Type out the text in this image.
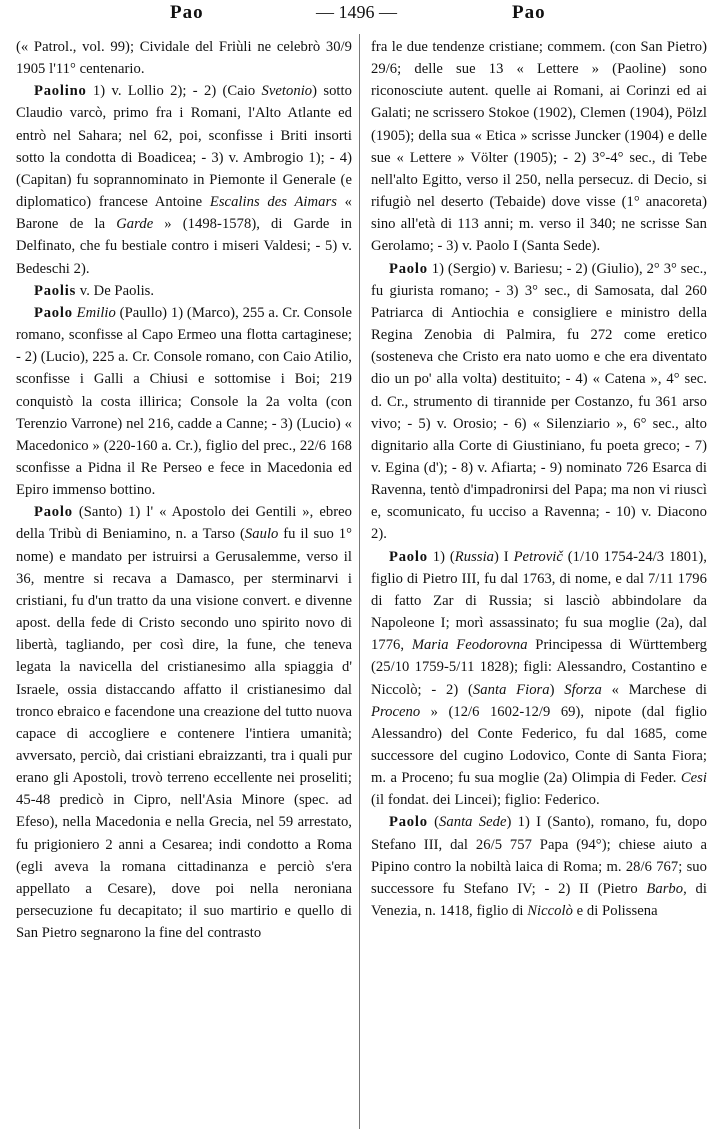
Pao	— 1496 —	Pao

(« Patrol., vol. 99); Cividale del Friùli ne celebrò 30/9 1905 l'11° centenario.

Paolino 1) v. Lollio 2); - 2) (Caio Svetonio) sotto Claudio varcò, primo fra i Romani, l'Alto Atlante ed entrò nel Sahara; nel 62, poi, sconfisse i Briti insorti sotto la condotta di Boadicea; - 3) v. Ambrogio 1); - 4) (Capitan) fu soprannominato in Piemonte il Generale (e diplomatico) francese Antoine Escalins des Aimars « Barone de la Garde » (1498-1578), di Garde in Delfinato, che fu bestiale contro i miseri Valdesi; - 5) v. Bedeschi 2).

Paolis v. De Paolis.

Paolo Emilio (Paullo) 1) (Marco), 255 a. Cr. Console romano, sconfisse al Capo Ermeo una flotta cartaginese; - 2) (Lucio), 225 a. Cr. Console romano, con Caio Atilio, sconfisse i Galli a Chiusi e sottomise i Boi; 219 conquistò la costa illirica; Console la 2a volta (con Terenzio Varrone) nel 216, cadde a Canne; - 3) (Lucio) « Macedonico » (220-160 a. Cr.), figlio del prec., 22/6 168 sconfisse a Pidna il Re Perseo e fece in Macedonia ed Epiro immenso bottino.

Paolo (Santo) 1) l' « Apostolo dei Gentili », ebreo della Tribù di Beniamino, n. a Tarso (Saulo fu il suo 1° nome) e mandato per istruirsi a Gerusalemme, verso il 36, mentre si recava a Damasco, per sterminarvi i cristiani, fu d'un tratto da una visione convert. e divenne apost. della fede di Cristo secondo uno spirito novo di libertà, tagliando, per così dire, la fune, che teneva legata la navicella del cristianesimo alla spiaggia d' Israele, ossia distaccando affatto il cristianesimo dal tronco ebraico e facendone una creazione del tutto nuova capace di accogliere e contenere l'intiera umanità; avversato, perciò, dai cristiani ebraizzanti, tra i quali pur erano gli Apostoli, trovò terreno eccellente nei proseliti; 45-48 predicò in Cipro, nell'Asia Minore (spec. ad Efeso), nella Macedonia e nella Grecia, nel 59 arrestato, fu prigioniero 2 anni a Cesarea; indi condotto a Roma (egli aveva la romana cittadinanza e perciò s'era appellato a Cesare), dove poi nella neroniana persecuzione fu decapitato; il suo martirio e quello di San Pietro segnarono la fine del contrasto

fra le due tendenze cristiane; commem. (con San Pietro) 29/6; delle sue 13 « Lettere » (Paoline) sono riconosciute autent. quelle ai Romani, ai Corinzi ed ai Galati; ne scrissero Stokoe (1902), Clemen (1904), Pölzl (1905); della sua « Etica » scrisse Juncker (1904) e delle sue « Lettere » Völter (1905); - 2) 3°-4° sec., di Tebe nell'alto Egitto, verso il 250, nella persecuz. di Decio, si rifugiò nel deserto (Tebaide) dove visse (1° anacoreta) sino all'età di 113 anni; m. verso il 340; ne scrisse San Gerolamo; - 3) v. Paolo I (Santa Sede).

Paolo 1) (Sergio) v. Bariesu; - 2) (Giulio), 2° 3° sec., fu giurista romano; - 3) 3° sec., di Samosata, dal 260 Patriarca di Antiochia e consigliere e ministro della Regina Zenobia di Palmira, fu 272 come eretico (sosteneva che Cristo era nato uomo e che era diventato dio un po' alla volta) destituito; - 4) « Catena », 4° sec. d. Cr., strumento di tirannide per Costanzo, fu 361 arso vivo; - 5) v. Orosio; - 6) « Silenziario », 6° sec., alto dignitario alla Corte di Giustiniano, fu poeta greco; - 7) v. Egina (d'); - 8) v. Afiarta; - 9) nominato 726 Esarca di Ravenna, tentò d'impadronirsi del Papa; ma non vi riuscì e, scomunicato, fu ucciso a Ravenna; - 10) v. Diacono 2).

Paolo 1) (Russia) I Petrovič (1/10 1754-24/3 1801), figlio di Pietro III, fu dal 1763, di nome, e dal 7/11 1796 di fatto Zar di Russia; si lasciò abbindolare da Napoleone I; morì assassinato; fu sua moglie (2a), dal 1776, Maria Feodorovna Principessa di Württemberg (25/10 1759-5/11 1828); figli: Alessandro, Costantino e Niccolò; - 2) (Santa Fiora) Sforza « Marchese di Proceno » (12/6 1602-12/9 69), nipote (dal figlio Alessandro) del Conte Federico, fu dal 1685, come successore del cugino Lodovico, Conte di Santa Fiora; m. a Proceno; fu sua moglie (2a) Olimpia di Feder. Cesi (il fondat. dei Lincei); figlio: Federico.

Paolo (Santa Sede) 1) I (Santo), romano, fu, dopo Stefano III, dal 26/5 757 Papa (94°); chiese aiuto a Pipino contro la nobiltà laica di Roma; m. 28/6 767; suo successore fu Stefano IV; - 2) II (Pietro Barbo, di Venezia, n. 1418, figlio di Niccolò e di Polissena
